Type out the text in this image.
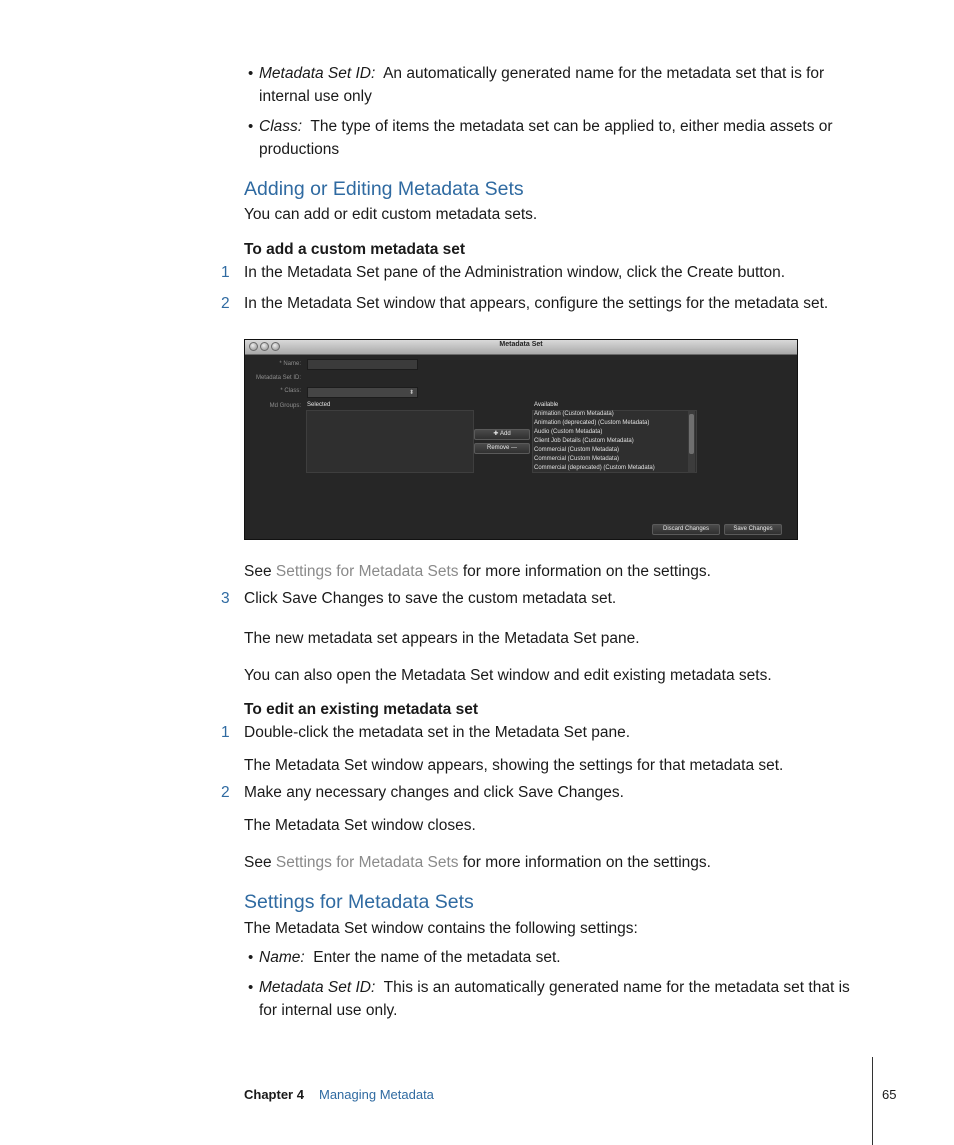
• Metadata Set ID: An automatically generated name for the metadata set that is for
internal use only
• Class: The type of items the metadata set can be applied to, either media assets or
productions
Adding or Editing Metadata Sets
You can add or edit custom metadata sets.
To add a custom metadata set
1 In the Metadata Set pane of the Administration window, click the Create button.
2 In the Metadata Set window that appears, configure the settings for the metadata set.
Metadata Set
* Name:
Metadata Set ID:
* Class:	⬍
Md Groups: Selected
✚ Add
Remove —
Available
Animation (Custom Metadata)
Animation (deprecated) (Custom Metadata)
Audio (Custom Metadata)
Client Job Details (Custom Metadata)
Commercial (Custom Metadata)
Commercial (Custom Metadata)
Commercial (deprecated) (Custom Metadata)
Discard Changes	Save Changes
See Settings for Metadata Sets for more information on the settings.
3 Click Save Changes to save the custom metadata set.
The new metadata set appears in the Metadata Set pane.
You can also open the Metadata Set window and edit existing metadata sets.
To edit an existing metadata set
1 Double-click the metadata set in the Metadata Set pane.
The Metadata Set window appears, showing the settings for that metadata set.
2 Make any necessary changes and click Save Changes.
The Metadata Set window closes.
See Settings for Metadata Sets for more information on the settings.
Settings for Metadata Sets
The Metadata Set window contains the following settings:
• Name: Enter the name of the metadata set.
• Metadata Set ID: This is an automatically generated name for the metadata set that is
for internal use only.
Chapter 4 Managing Metadata	65
